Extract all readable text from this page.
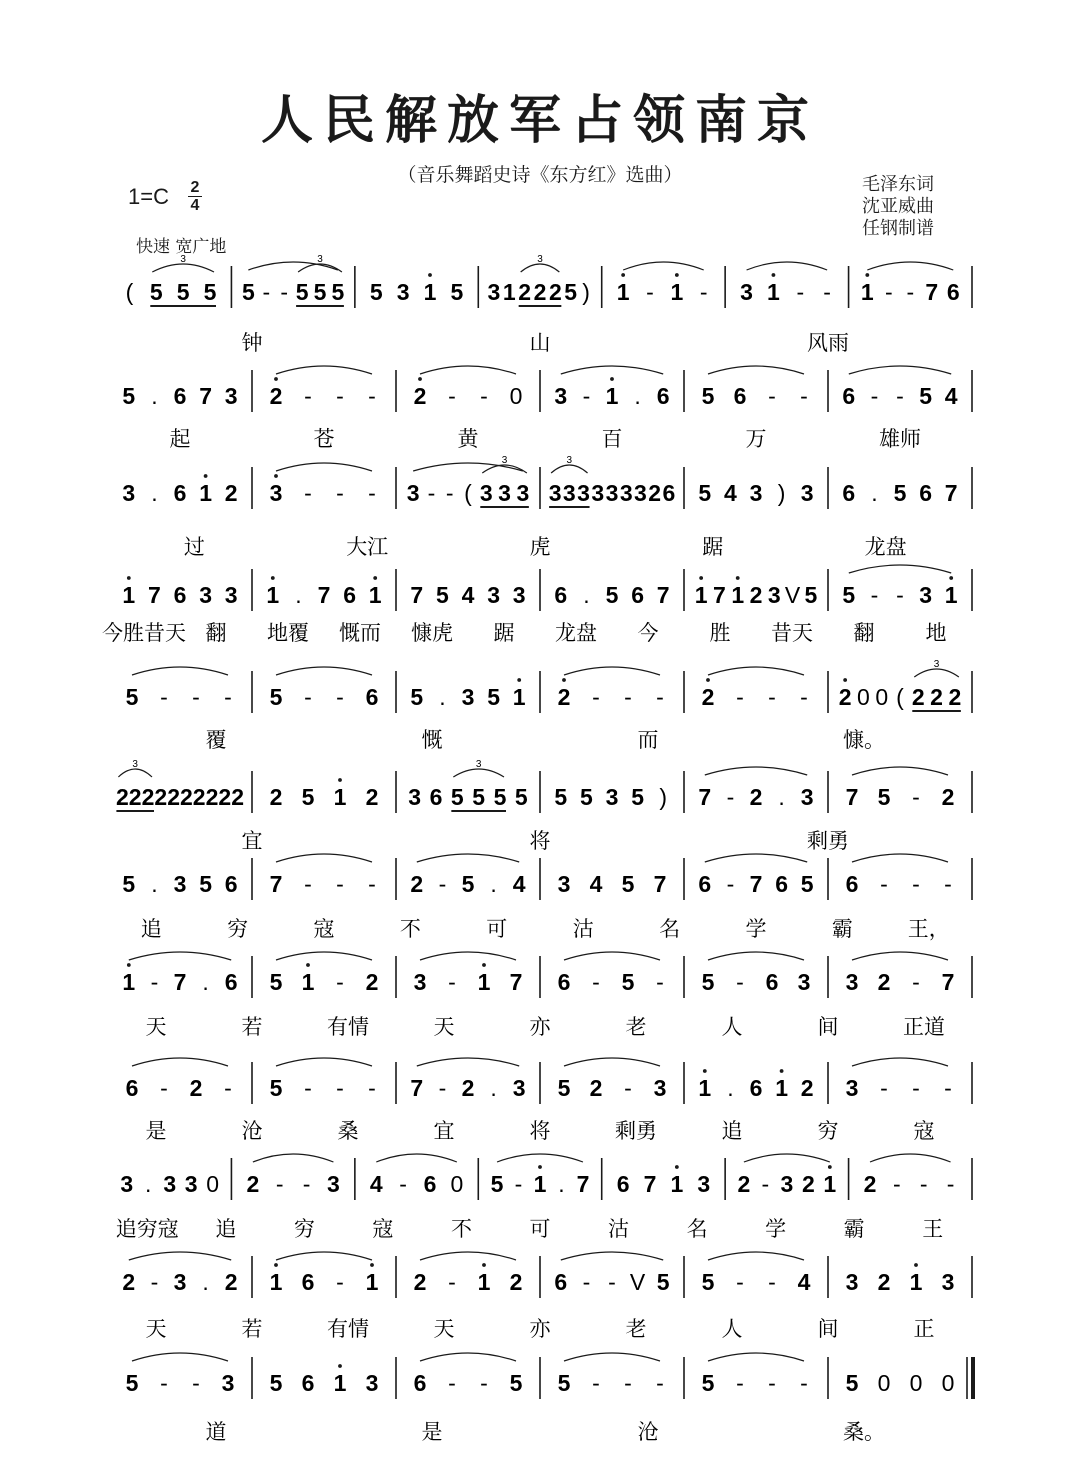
人民解放军占领南京
（音乐舞蹈史诗《东方红》选曲）	毛泽东词
沈亚威曲
任钢制谱
1=C 2
4
快速 宽广地
( 5 5 5
3
5 - - 5 5 5
3
5 3 1 5 3 1 2 2 2 5 )
3
1 - 1 - 3 1 - - 1 - - 7 6
钟	山	风雨
5 . 6 7 3 2 - - - 2 - - 0 3 - 1 . 6 5 6 - - 6 - - 5 4
起	苍	黄	百	万	雄师
3 . 6 1 2 3 - - - 3 - - ( 3 3 3
3
3 3 3 3 3 3 3 2 6
3
5 4 3 ) 3 6 . 5 6 7
过	大江	虎	踞	龙盘
1 7 6 3 3 1 . 7 6 1 7 5 4 3 3 6 . 5 6 7 1 7 1 2 3 V 5 5 - - 3 1
今胜昔天 翻 地覆 慨而 慷虎 踞 龙盘 今 胜 昔天 翻 地
5 - - - 5 - - 6 5 . 3 5 1 2 - - - 2 - - - 2 0 0 ( 2 2 2
3
覆	慨	而	慷。
2 2 2 2 2 2 2 2 2 2
3
2 5 1 2 3 6 5 5 5 5
3
5 5 3 5 ) 7 - 2 . 3 7 5 - 2
宜	将	剩勇
5 . 3 5 6 7 - - - 2 - 5 . 4 3 4 5 7 6 - 7 6 5 6 - - -
追	穷	寇	不	可	沽	名	学	霸	王，
1 - 7 . 6 5 1 - 2 3 - 1 7 6 - 5 - 5 - 6 3 3 2 - 7
天	若	有情	天	亦	老	人	间	正道
6 - 2 - 5 - - - 7 - 2 . 3 5 2 - 3 1 . 6 1 2 3 - - -
是	沧	桑	宜	将	剩勇	追	穷	寇
3 . 3 3 0 2 - - 3 4 - 6 0 5 - 1 . 7 6 7 1 3 2 - 3 2 1 2 - - -
追穷寇 追	穷	寇	不	可	沽	名	学	霸	王
2 - 3 . 2 1 6 - 1 2 - 1 2 6 - - V 5 5 - - 4 3 2 1 3
天	若	有情	天	亦	老	人	间	正
5 - - 3 5 6 1 3 6 - - 5 5 - - - 5 - - - 5 0 0 0
道	是	沧	桑。
